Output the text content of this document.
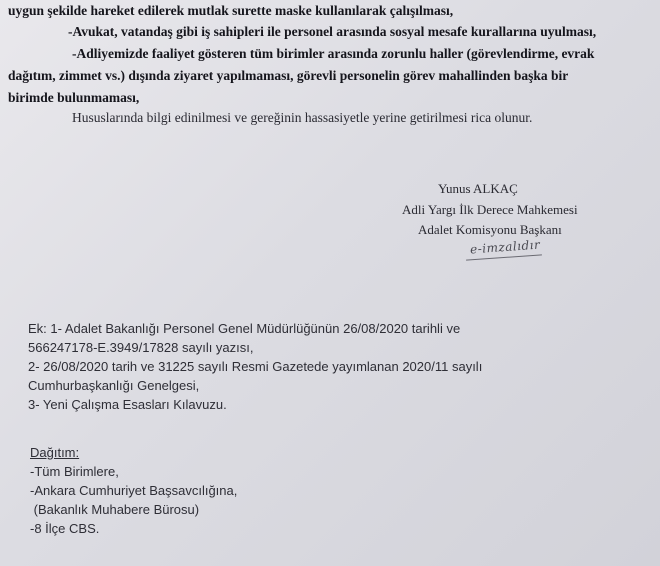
uygun şekilde hareket edilerek mutlak surette maske kullanılarak çalışılması,

-Avukat, vatandaş gibi iş sahipleri ile personel arasında sosyal mesafe kurallarına uyulması,

-Adliyemizde faaliyet gösteren tüm birimler arasında zorunlu haller (görevlendirme, evrak

dağıtım, zimmet vs.) dışında ziyaret yapılmaması, görevli personelin görev mahallinden başka bir

birimde bulunmaması,

Hususlarında bilgi edinilmesi ve gereğinin hassasiyetle yerine getirilmesi rica olunur.

Yunus ALKAÇ

Adli Yargı İlk Derece Mahkemesi

Adalet Komisyonu Başkanı

e-imzalıdır

Ek: 1- Adalet Bakanlığı Personel Genel Müdürlüğünün 26/08/2020 tarihli ve

566247178-E.3949/17828 sayılı yazısı,

2- 26/08/2020 tarih ve 31225 sayılı Resmi Gazetede yayımlanan 2020/11 sayılı

Cumhurbaşkanlığı Genelgesi,

3- Yeni Çalışma Esasları Kılavuzu.

Dağıtım:

-Tüm Birimlere,

-Ankara Cumhuriyet Başsavcılığına,

(Bakanlık Muhabere Bürosu)

-8 İlçe CBS.
